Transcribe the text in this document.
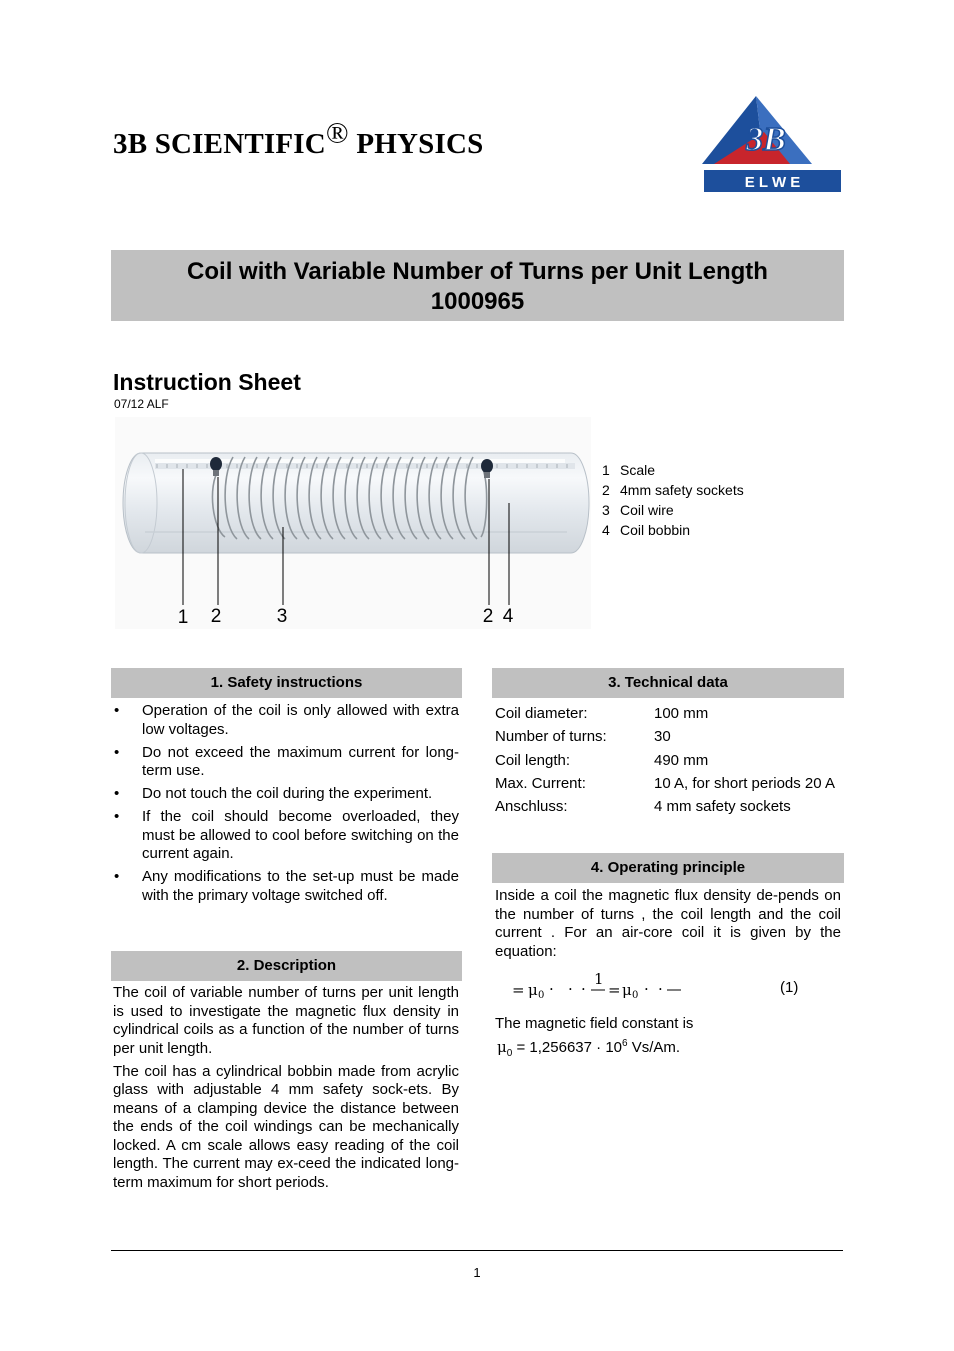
3B SCIENTIFIC® PHYSICS	3B
E L W E
Coil with Variable Number of Turns per Unit Length
1000965
Instruction Sheet
07/12 ALF
1 2	3	2 4
1 Scale
2 4mm safety sockets
3 Coil wire
4 Coil bobbin
1. Safety instructions
•	Operation of the coil is only allowed with extra low voltages.
•	Do not exceed the maximum current for long-term use.
•	Do not touch the coil during the experiment.
•	If the coil should become overloaded, they must be allowed to cool before switching on the current again.
•	Any modifications to the set-up must be made with the primary voltage switched off.
2. Description

The coil of variable number of turns per unit length is used to investigate the magnetic flux density in cylindrical coils as a function of the number of turns per unit length.

The coil has a cylindrical bobbin made from acrylic glass with adjustable 4 mm safety sock-ets. By means of a clamping device the distance between the ends of the coil windings can be mechanically locked. A cm scale allows easy reading of the coil length. The current may ex-ceed the indicated long-term maximum for short periods.

3. Technical data
Coil diameter:	100 mm
Number of turns:	30
Coil length:	490 mm
Max. Current:	10 A, for short periods 20 A
Anschluss:	4 mm safety sockets
4. Operating principle
Inside a coil the magnetic flux density de-pends on the number of turns , the coil length and the coil current . For an air-core coil it is given by the equation:
= μ 0 · · ·
1
= μ 0 · ·	(1)
The magnetic field constant is
$\mu_0 = 1,256637 \cdot 10^6$ Vs/Am.
1
